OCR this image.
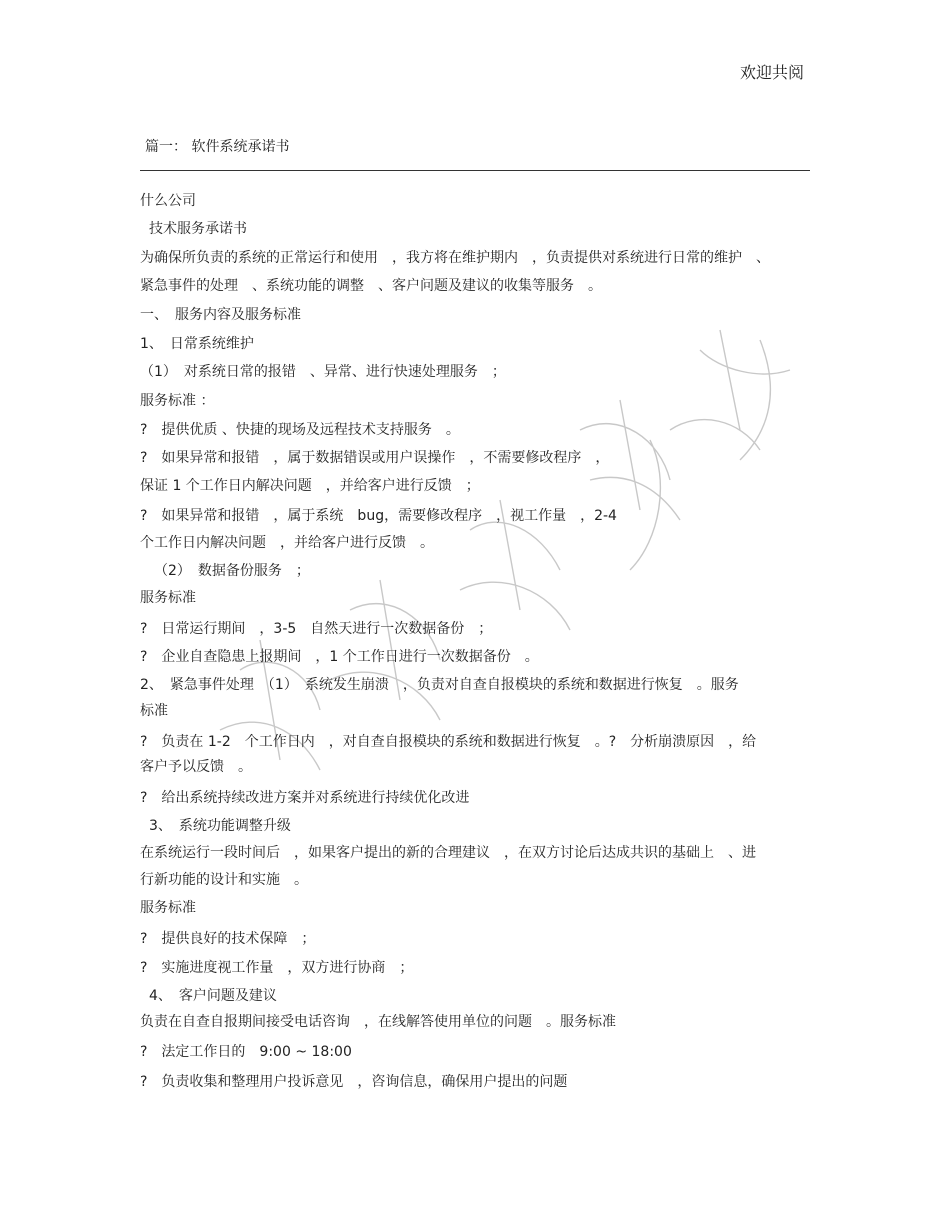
欢迎共阅
篇一： 软件系统承诺书
什么公司
技术服务承诺书
为确保所负责的系统的正常运行和使用　，我方将在维护期内　，负责提供对系统进行日常的维护　、
紧急事件的处理　、系统功能的调整　、客户问题及建议的收集等服务　。
一、　服务内容及服务标准
1、　日常系统维护
（1）　对系统日常的报错　、异常、进行快速处理服务　；
服务标准 ：
?　提供优质 、快捷的现场及远程技术支持服务　。
?　如果异常和报错　，属于数据错误或用户误操作　，不需要修改程序　，
保证 1 个工作日内解决问题　，并给客户进行反馈　；
?　如果异常和报错　，属于系统　bug，需要修改程序　，视工作量　，2-4
个工作日内解决问题　，并给客户进行反馈　。
（2）　数据备份服务　；
服务标准
?　日常运行期间　，3-5　自然天进行一次数据备份　；
?　企业自查隐患上报期间　，1 个工作日进行一次数据备份　。
2、　紧急事件处理　（1）　系统发生崩溃　，负责对自查自报模块的系统和数据进行恢复　。服务
标准
?　负责在 1-2　个工作日内　，对自查自报模块的系统和数据进行恢复　。?　分析崩溃原因　，给
客户予以反馈　。
?　给出系统持续改进方案并对系统进行持续优化改进
3、　系统功能调整升级
在系统运行一段时间后　，如果客户提出的新的合理建议　，在双方讨论后达成共识的基础上　、进
行新功能的设计和实施　。
服务标准
?　提供良好的技术保障　；
?　实施进度视工作量　，双方进行协商　；
4、　客户问题及建议
负责在自查自报期间接受电话咨询　，在线解答使用单位的问题　。服务标准
?　法定工作日的　9:00 ~ 18:00
?　负责收集和整理用户投诉意见　，咨询信息，确保用户提出的问题
